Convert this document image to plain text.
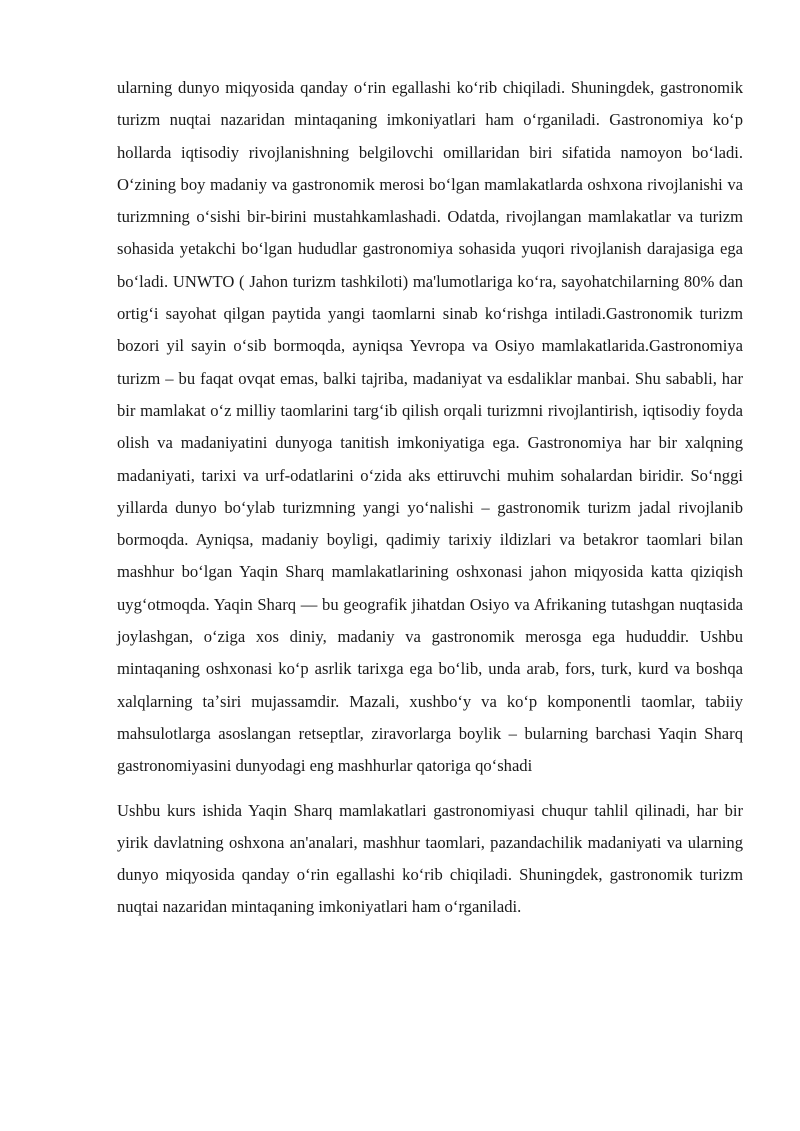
ularning dunyo miqyosida qanday oʻrin egallashi koʻrib chiqiladi. Shuningdek, gastronomik turizm nuqtai nazaridan mintaqaning imkoniyatlari ham oʻrganiladi. Gastronomiya koʻp hollarda iqtisodiy rivojlanishning belgilovchi omillaridan biri sifatida namoyon boʻladi. Oʻzining boy madaniy va gastronomik merosi boʻlgan mamlakatlarda oshxona rivojlanishi va turizmning oʻsishi bir-birini mustahkamlashadi. Odatda, rivojlangan mamlakatlar va turizm sohasida yetakchi boʻlgan hududlar gastronomiya sohasida yuqori rivojlanish darajasiga ega boʻladi. UNWTO ( Jahon turizm tashkiloti) ma'lumotlariga koʻra, sayohatchilarning 80% dan ortigʻi sayohat qilgan paytida yangi taomlarni sinab koʻrishga intiladi.Gastronomik turizm bozori yil sayin oʻsib bormoqda, ayniqsa Yevropa va Osiyo mamlakatlarida.Gastronomiya turizm – bu faqat ovqat emas, balki tajriba, madaniyat va esdaliklar manbai. Shu sababli, har bir mamlakat oʻz milliy taomlarini targʻib qilish orqali turizmni rivojlantirish, iqtisodiy foyda olish va madaniyatini dunyoga tanitish imkoniyatiga ega. Gastronomiya har bir xalqning madaniyati, tarixi va urf-odatlarini oʻzida aks ettiruvchi muhim sohalardan biridir. Soʻnggi yillarda dunyo boʻylab turizmning yangi yoʻnalishi – gastronomik turizm jadal rivojlanib bormoqda. Ayniqsa, madaniy boyligi, qadimiy tarixiy ildizlari va betakror taomlari bilan mashhur boʻlgan Yaqin Sharq mamlakatlarining oshxonasi jahon miqyosida katta qiziqish uygʻotmoqda. Yaqin Sharq — bu geografik jihatdan Osiyo va Afrikaning tutashgan nuqtasida joylashgan, oʻziga xos diniy, madaniy va gastronomik merosga ega hududdir. Ushbu mintaqaning oshxonasi koʻp asrlik tarixga ega boʻlib, unda arab, fors, turk, kurd va boshqa xalqlarning taʼsiri mujassamdir. Mazali, xushboʻy va koʻp komponentli taomlar, tabiiy mahsulotlarga asoslangan retseptlar, ziravorlarga boylik – bularning barchasi Yaqin Sharq gastronomiyasini dunyodagi eng mashhurlar qatoriga qoʻshadi

Ushbu kurs ishida Yaqin Sharq mamlakatlari gastronomiyasi chuqur tahlil qilinadi, har bir yirik davlatning oshxona an'analari, mashhur taomlari, pazandachilik madaniyati va ularning dunyo miqyosida qanday oʻrin egallashi koʻrib chiqiladi. Shuningdek, gastronomik turizm nuqtai nazaridan mintaqaning imkoniyatlari ham oʻrganiladi.
